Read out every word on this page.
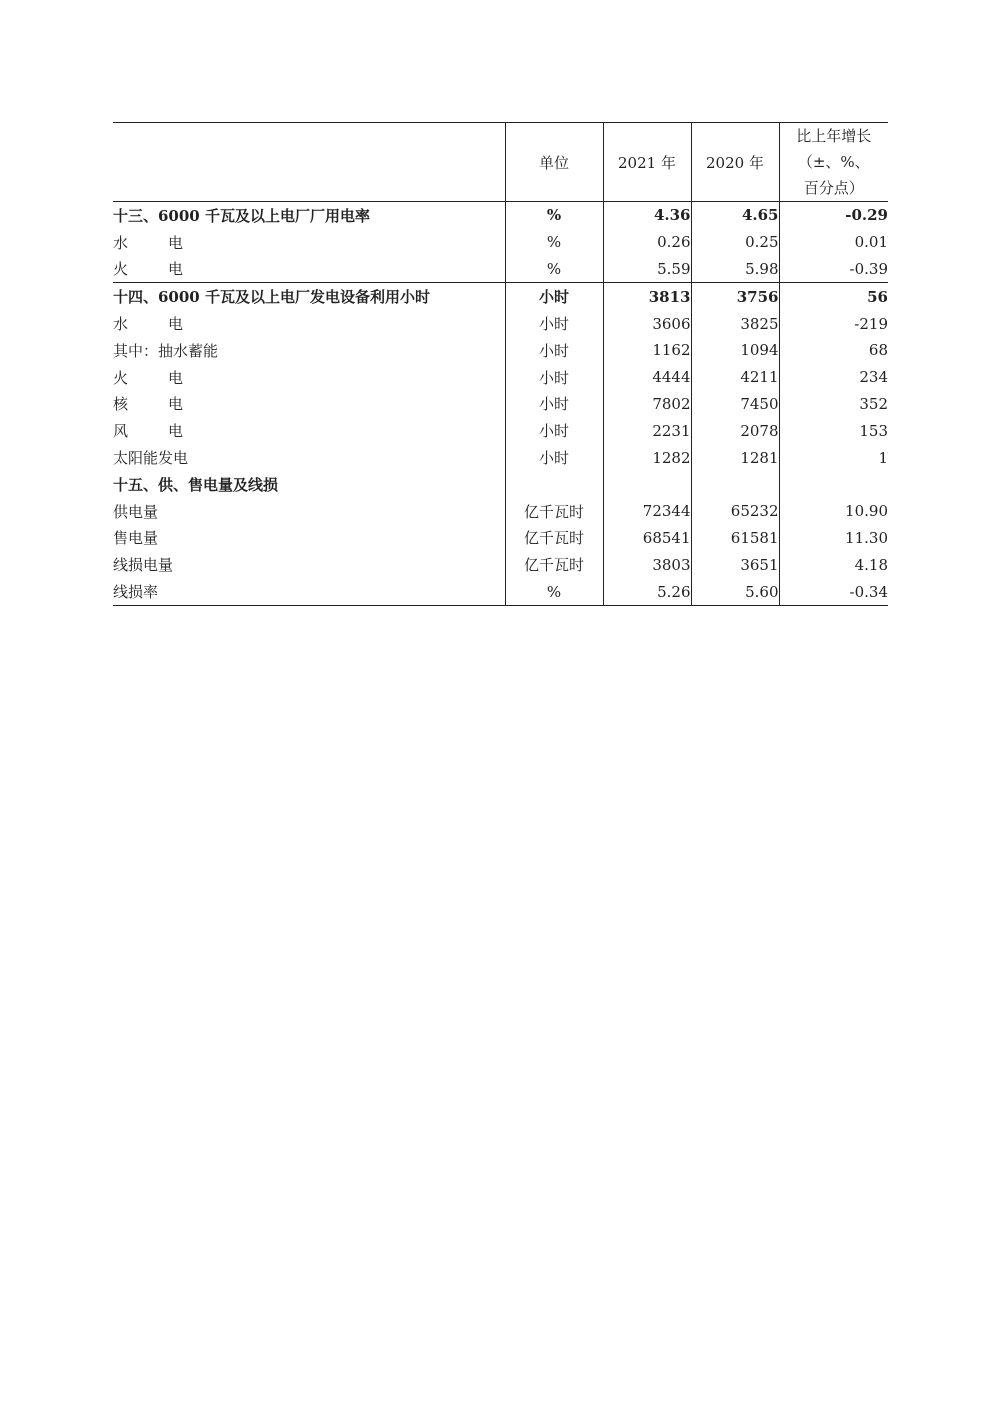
	单位	2021 年	2020 年	比上年增长
（±、%、
百分点）

十三、6000 千瓦及以上电厂厂用电率	%	4.36	4.65	-0.29

水 电	%	0.26	0.25	0.01

火 电	%	5.59	5.98	-0.39
十四、6000 千瓦及以上电厂发电设备利用小时	小时	3813	3756	56

水 电	小时	3606	3825	-219
其中：抽水蓄能	小时	1162	1094	68

火 电	小时	4444	4211	234

核 电	小时	7802	7450	352

风 电	小时	2231	2078	153
太阳能发电	小时	1282	1281	1
十五、供、售电量及线损				
供电量	亿千瓦时	72344	65232	10.90
售电量	亿千瓦时	68541	61581	11.30
线损电量	亿千瓦时	3803	3651	4.18
线损率	%	5.26	5.60	-0.34
